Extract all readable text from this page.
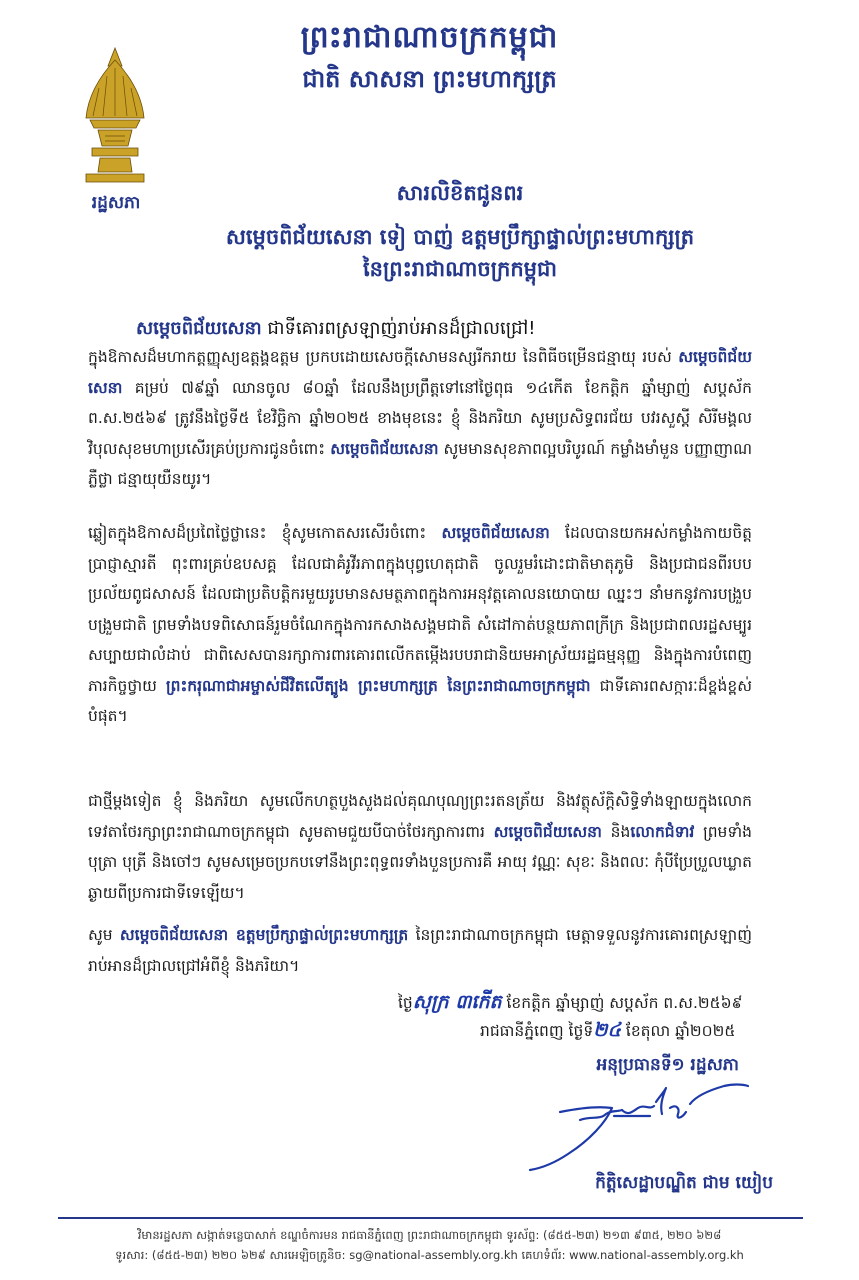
ព្រះរាជាណាចក្រកម្ពុជា
ជាតិ សាសនា ព្រះមហាក្សត្រ
រដ្ឋសភា	សារលិខិតជូនពរ
សម្តេចពិជ័យសេនា ទៀ បាញ់ ឧត្តមប្រឹក្សាផ្ទាល់ព្រះមហាក្សត្រ
នៃព្រះរាជាណាចក្រកម្ពុជា
សម្តេចពិជ័យសេនា ជាទីគោរពស្រឡាញ់រាប់អានដ៏ជ្រាលជ្រៅ!
ក្នុងឱកាសដ៏មហាកត្តញ្ញុស្យឧត្តង្គឧត្តម ប្រកបដោយសេចក្តីសោមនស្សរីករាយ នៃពិធីចម្រើនជន្មាយុ របស់ សម្តេចពិជ័យសេនា គម្រប់ ៧៩ឆ្នាំ ឈានចូល ៨០ឆ្នាំ ដែលនឹងប្រព្រឹត្តទៅនៅថ្ងៃពុធ ១៤កើត ខែកត្តិក ឆ្នាំម្សាញ់ សប្តស័ក ព.ស.២៥៦៩ ត្រូវនឹងថ្ងៃទី៥ ខែវិច្ឆិកា ឆ្នាំ២០២៥ ខាងមុខនេះ ខ្ញុំ និងភរិយា សូមប្រសិទ្ធពរជ័យ បវរសួស្តី សិរីមង្គល វិបុលសុខមហាប្រសើរគ្រប់ប្រការជូនចំពោះ សម្តេចពិជ័យសេនា សូមមានសុខភាពល្អបរិបូរណ៍ កម្លាំងមាំមួន បញ្ញាញាណភ្លឺថ្លា ជន្មាយុយឺនយូរ។
ឆ្លៀតក្នុងឱកាសដ៏ប្រពៃថ្លៃថ្លានេះ ខ្ញុំសូមកោតសរសើរចំពោះ សម្តេចពិជ័យសេនា ដែលបានយកអស់កម្លាំងកាយចិត្ត ប្រាជ្ញាស្មារតី ពុះពារគ្រប់ឧបសគ្គ ដែលជាគំរូវីរភាពក្នុងបុព្វហេតុជាតិ ចូលរួមរំដោះជាតិមាតុភូមិ និងប្រជាជនពីរបបប្រល័យពូជសាសន៍ ដែលជាប្រតិបត្តិករមួយរូបមានសមត្ថភាពក្នុងការអនុវត្តគោលនយោបាយ ឈ្នះៗ នាំមកនូវការបង្រួបបង្រួមជាតិ ព្រមទាំងបទពិសោធន៍រួមចំណែកក្នុងការកសាងសង្គមជាតិ សំដៅកាត់បន្ថយភាពក្រីក្រ និងប្រជាពលរដ្ឋសម្បូរសប្បាយជាលំដាប់ ជាពិសេសបានរក្សាការពារគោរពលើកតម្កើងរបបរាជានិយមអាស្រ័យរដ្ឋធម្មនុញ្ញ និងក្នុងការបំពេញភារកិច្ចថ្វាយ ព្រះករុណាជាអម្ចាស់ជីវិតលើត្បូង ព្រះមហាក្សត្រ នៃព្រះរាជាណាចក្រកម្ពុជា ជាទីគោរពសក្ការៈដ៏ខ្ពង់ខ្ពស់បំផុត។
ជាថ្មីម្តងទៀត ខ្ញុំ និងភរិយា សូមលើកហត្ថបួងសួងដល់គុណបុណ្យព្រះរតនត្រ័យ និងវត្ថុស័ក្តិសិទ្ធិទាំងឡាយក្នុងលោក ទេវតាថែរក្សាព្រះរាជាណាចក្រកម្ពុជា សូមតាមជួយបីបាច់ថែរក្សាការពារ សម្តេចពិជ័យសេនា និងលោកជំទាវ ព្រមទាំង បុត្រា បុត្រី និងចៅៗ សូមសម្រេចប្រកបទៅនឹងព្រះពុទ្ធពរទាំងបួនប្រការគឺ អាយុ វណ្ណៈ សុខៈ និងពលៈ កុំបីប្រែប្រួលឃ្លាតឆ្ងាយពីប្រការជាទីទេឡើយ។
សូម សម្តេចពិជ័យសេនា ឧត្តមប្រឹក្សាផ្ទាល់ព្រះមហាក្សត្រ នៃព្រះរាជាណាចក្រកម្ពុជា មេត្តាទទួលនូវការគោរពស្រឡាញ់រាប់អានដ៏ជ្រាលជ្រៅអំពីខ្ញុំ និងភរិយា។
ថ្ងៃសុក្រ ៣កើត ខែកត្តិក ឆ្នាំម្សាញ់ សប្តស័ក ព.ស.២៥៦៩
រាជធានីភ្នំពេញ ថ្ងៃទី២៤ ខែតុលា ឆ្នាំ២០២៥
អនុប្រធានទី១ រដ្ឋសភា
កិត្តិសេដ្ឋាបណ្ឌិត ជាម យៀប
វិមានរដ្ឋសភា សង្កាត់ទន្លេបាសាក់ ខណ្ឌចំការមន រាជធានីភ្នំពេញ ព្រះរាជាណាចក្រកម្ពុជា ទូរស័ព្ទ: (៨៥៥-២៣) ២១៣ ៩៣៥, ២២០ ៦២៨
ទូរសារ: (៨៥៥-២៣) ២២០ ៦២៩ សារអេឡិចត្រូនិច: sg@national-assembly.org.kh គេហទំព័រ: www.national-assembly.org.kh
